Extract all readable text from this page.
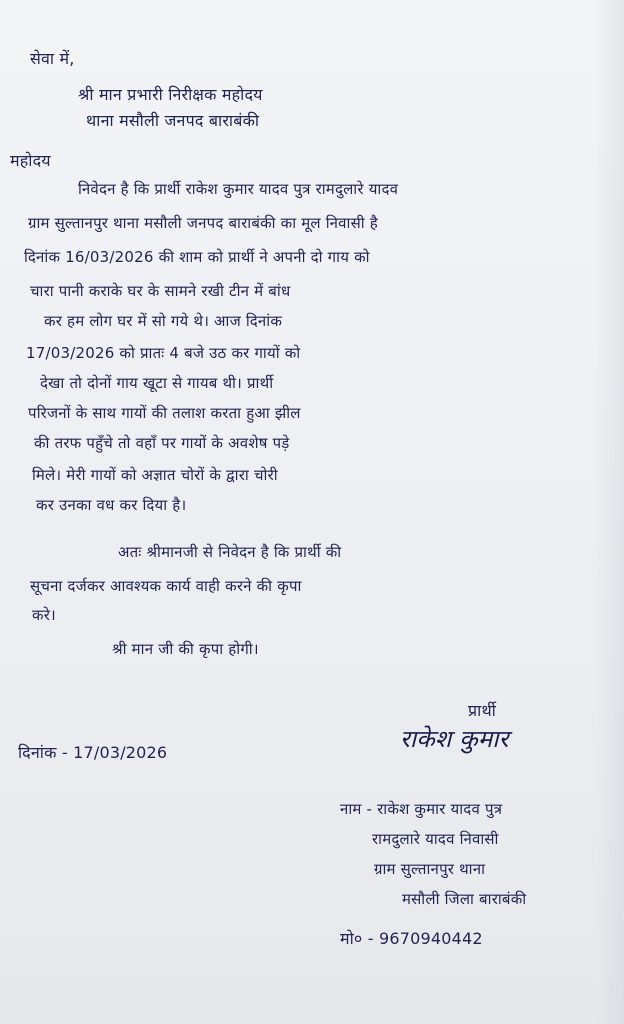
सेवा में,
श्री मान प्रभारी निरीक्षक महोदय
थाना मसौली जनपद बाराबंकी
महोदय
निवेदन है कि प्रार्थी राकेश कुमार यादव पुत्र रामदुलारे यादव
ग्राम सुल्तानपुर थाना मसौली जनपद बाराबंकी का मूल निवासी है
दिनांक 16/03/2026 की शाम को प्रार्थी ने अपनी दो गाय को
चारा पानी कराके घर के सामने रखी टीन में बांध
कर हम लोग घर में सो गये थे। आज दिनांक
17/03/2026 को प्रातः 4 बजे उठ कर गायों को
देखा तो दोनों गाय खूटा से गायब थी। प्रार्थी
परिजनों के साथ गायों की तलाश करता हुआ झील
की तरफ पहुँचे तो वहाँ पर गायों के अवशेष पड़े
मिले। मेरी गायों को अज्ञात चोरों के द्वारा चोरी
कर उनका वध कर दिया है।
अतः श्रीमानजी से निवेदन है कि प्रार्थी की
सूचना दर्जकर आवश्यक कार्य वाही करने की कृपा
करे।
श्री मान जी की कृपा होगी।
प्रार्थी
दिनांक - 17/03/2026	राकेश कुमार
नाम - राकेश कुमार यादव पुत्र
रामदुलारे यादव निवासी
ग्राम सुल्तानपुर थाना
मसौली जिला बाराबंकी
मो० - 9670940442
